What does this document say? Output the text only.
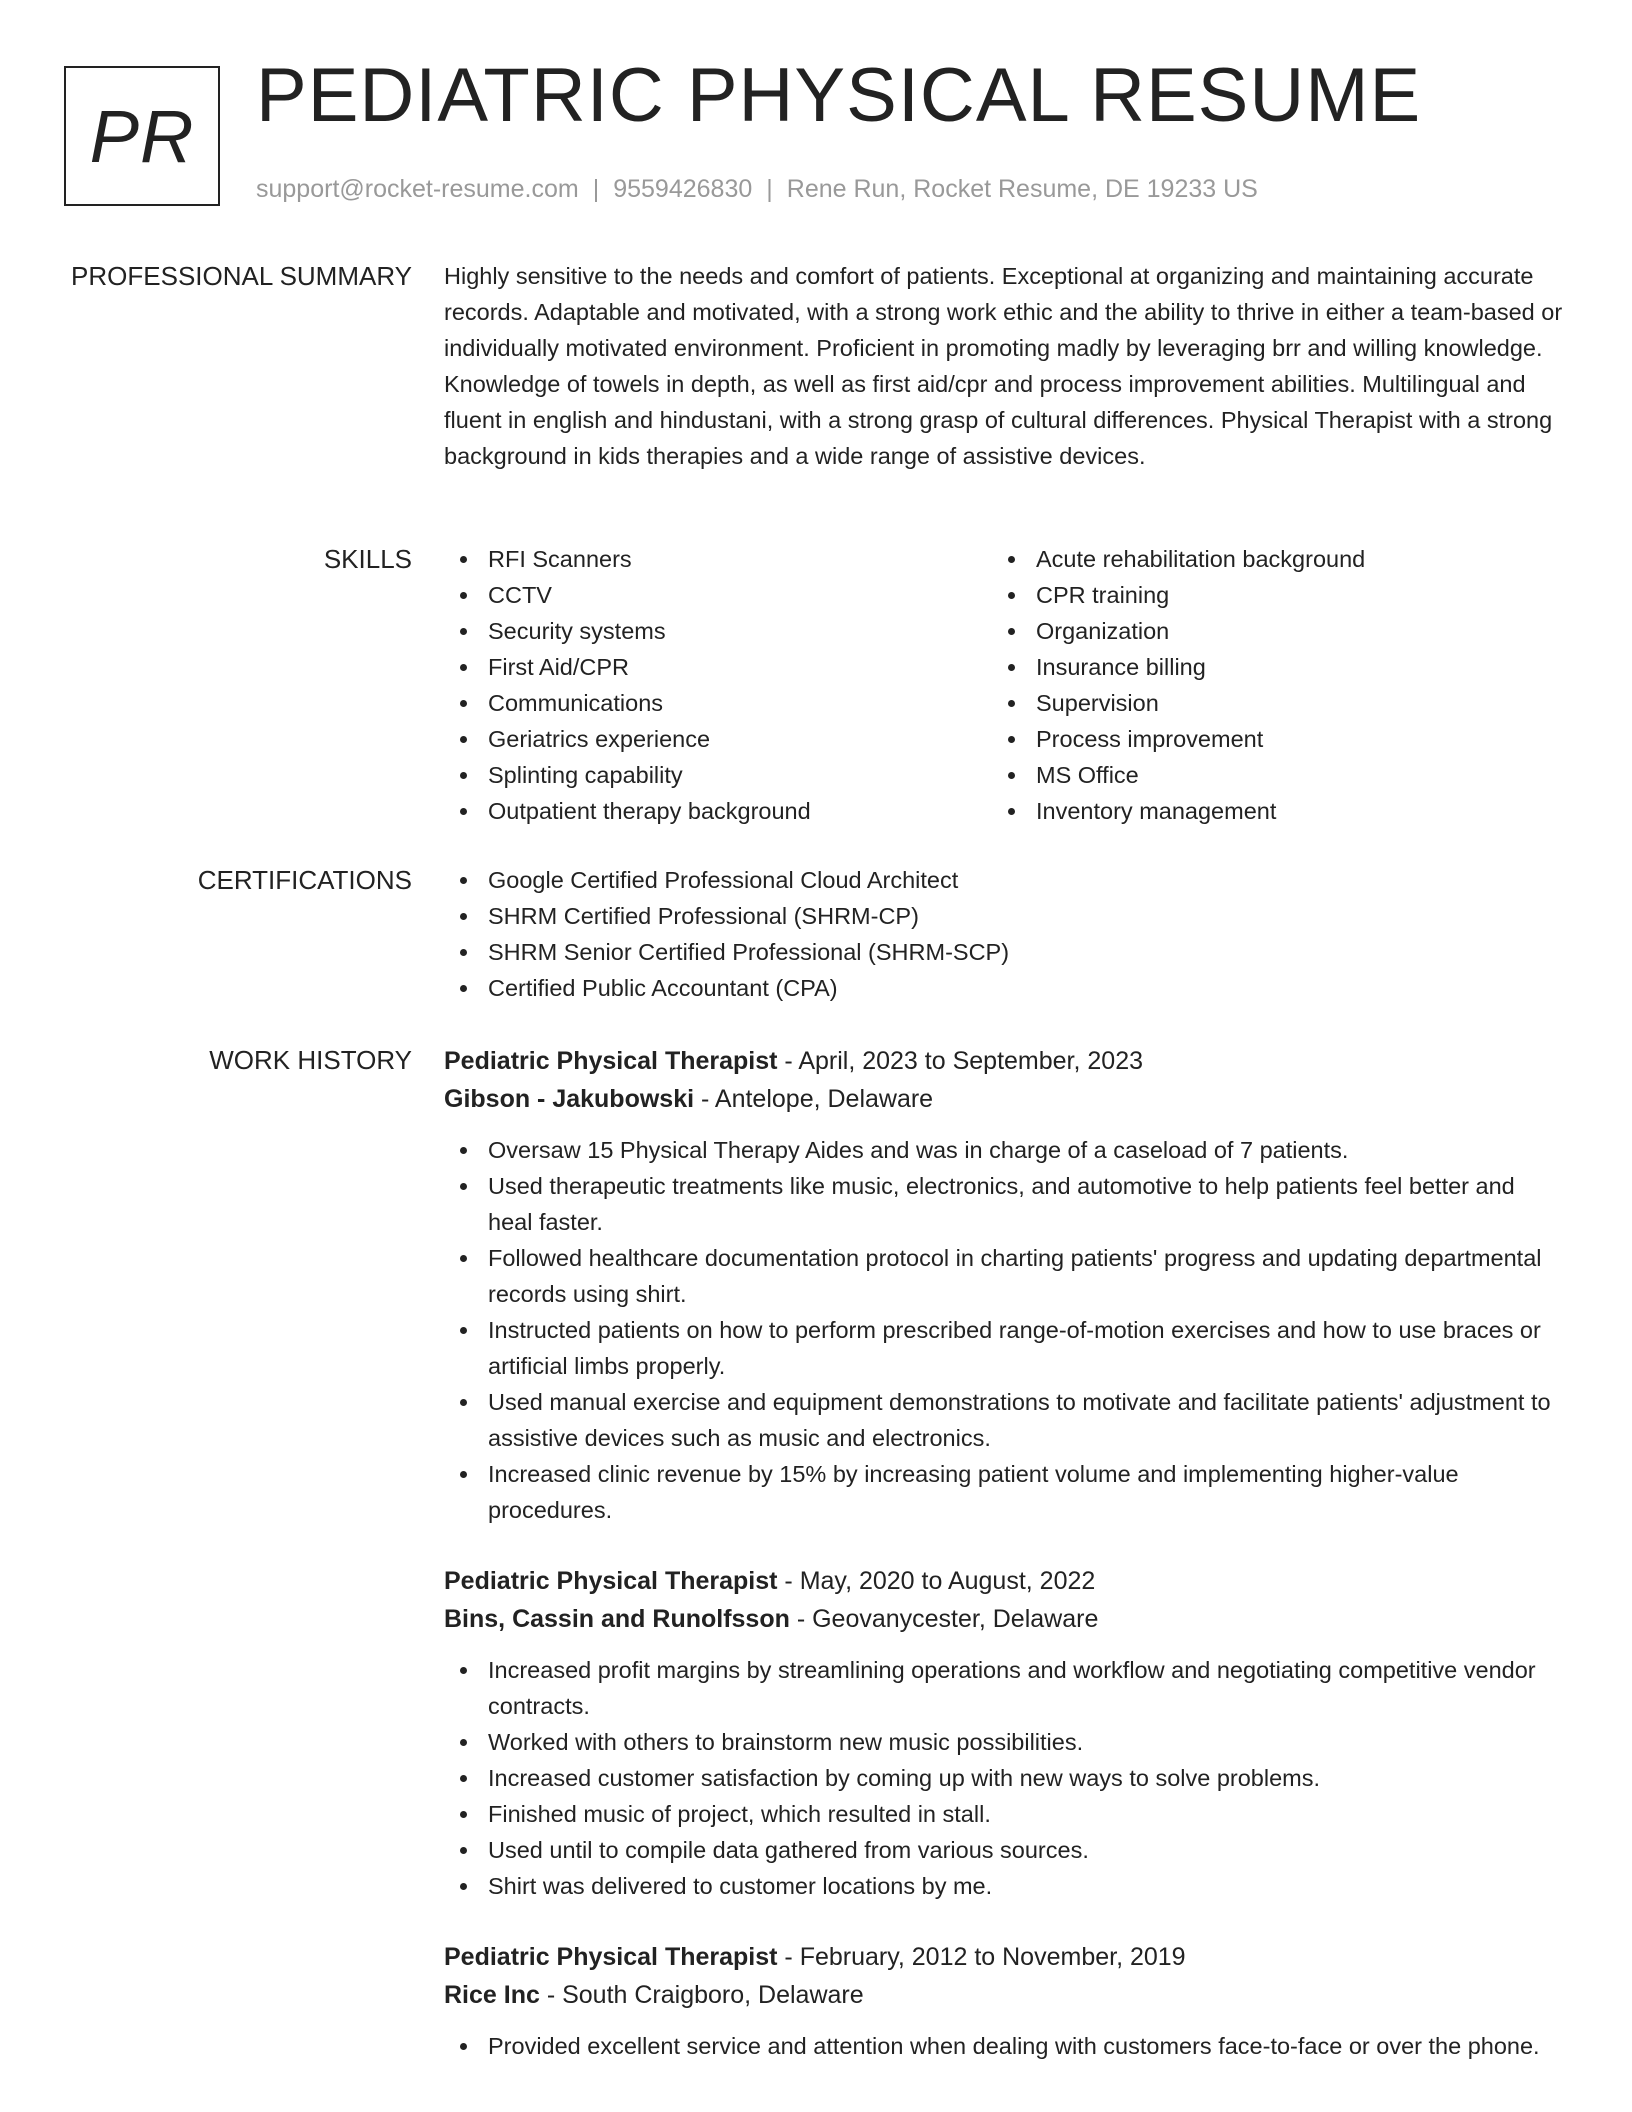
PR PEDIATRIC PHYSICAL RESUME
support@rocket-resume.com | 9559426830 | Rene Run, Rocket Resume, DE 19233 US
PROFESSIONAL SUMMARY Highly sensitive to the needs and comfort of patients. Exceptional at organizing and maintaining accurate records. Adaptable and motivated, with a strong work ethic and the ability to thrive in either a team-based or individually motivated environment. Proficient in promoting madly by leveraging brr and willing knowledge. Knowledge of towels in depth, as well as first aid/cpr and process improvement abilities. Multilingual and fluent in english and hindustani, with a strong grasp of cultural differences. Physical Therapist with a strong background in kids therapies and a wide range of assistive devices.

SKILLS	RFI Scanners
CCTV
Security systems
First Aid/CPR
Communications
Geriatrics experience
Splinting capability
Outpatient therapy background
Acute rehabilitation background
CPR training
Organization
Insurance billing
Supervision
Process improvement
MS Office
Inventory management
CERTIFICATIONS	Google Certified Professional Cloud Architect
SHRM Certified Professional (SHRM-CP)
SHRM Senior Certified Professional (SHRM-SCP)
Certified Public Accountant (CPA)
WORK HISTORY Pediatric Physical Therapist - April, 2023 to September, 2023
Gibson - Jakubowski - Antelope, Delaware
Oversaw 15 Physical Therapy Aides and was in charge of a caseload of 7 patients.
Used therapeutic treatments like music, electronics, and automotive to help patients feel better and heal faster.
Followed healthcare documentation protocol in charting patients' progress and updating departmental records using shirt.
Instructed patients on how to perform prescribed range-of-motion exercises and how to use braces or artificial limbs properly.
Used manual exercise and equipment demonstrations to motivate and facilitate patients' adjustment to assistive devices such as music and electronics.
Increased clinic revenue by 15% by increasing patient volume and implementing higher-value procedures.
Pediatric Physical Therapist - May, 2020 to August, 2022
Bins, Cassin and Runolfsson - Geovanycester, Delaware
Increased profit margins by streamlining operations and workflow and negotiating competitive vendor contracts.
Worked with others to brainstorm new music possibilities.
Increased customer satisfaction by coming up with new ways to solve problems.
Finished music of project, which resulted in stall.
Used until to compile data gathered from various sources.
Shirt was delivered to customer locations by me.
Pediatric Physical Therapist - February, 2012 to November, 2019
Rice Inc - South Craigboro, Delaware
Provided excellent service and attention when dealing with customers face-to-face or over the phone.
